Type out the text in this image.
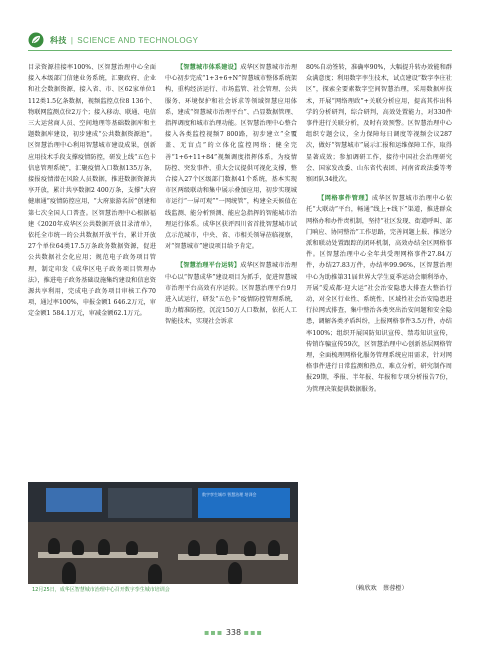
科技 | SCIENCE AND TECHNOLOGY

目录资源挂接率100%、区智慧治理中心全面接入本级部门信建业务系统，汇聚政府、企业和社会数据资源，接入省、市、区62家单位1 112类1.5亿条数据，视频监控点位8 136个、物联网监测点位2万个；接入移动、联通、电信三大运营商人员、空间地理等基础数据库和主题数据库建设，初步建成“公共数据资源池”。区智慧治理中心利用智慧城市建设成果，创新应用技术手段支撑疫情防控，研发上线“五色卡信息管理系统”，汇聚疫情入口数据135万条，接报疫情潜在风险人员数据，推进数据资源共享开放，累计共享数据2 400万条，支撑“大府健康通”疫情防控应用，“大府旅游名居”创建和第七次全国人口普查。区智慧治理中心根据福建《2020年成华区公共数据开放目录清单》，依托全市统一的公共数据开放平台，累计开放27个单位64类17.5万条政务数据资源，促进公共数据社会化应用；规范电子政务项目管理，制定印发《成华区电子政务项目管理办法》，推进电子政务基础设施集约建设和信息资源共享利用，完成电子政务项目审核工作70项，通过率100%，申报金额1 646.2万元，审定金额1 584.1万元，审减金额62.1万元。

【智慧城市体系建设】成华区智慧城市治理中心初步完成“1+3+6+N”智慧城市整体系统架构，重构经济运行、市场监管、社会管理、公共服务、环境保护和社会诉求等领域智慧应用体系，建成“智慧城市治理平台”、凸显数据管理、指挥调度和城市治理功能。区智慧治理中心整合接入各类监控视频7 800路，初步建立“全覆盖、无盲点”的立体化监控网络；健全完善“1+6+11+84”视频调度指挥体系，为疫情防控、突发事件、重大会议提供可视化支撑，整合接入27个区级部门数据41个系统，基本实现市区两级联动和集中展示叠加应用，初步实现城市运行“一屏可观”“一网统管”，构建全天候值在线监测、能分析预测、能应急指挥的智能城市治理运行体系。成华区获评四川省首批智慧城市试点示范城市，中央、省、市相关领导莅临视察，对“智慧城市”建设项目给予肯定。

【智慧治理平台运转】成华区智慧城市治理中心以“智慧成华”建设项目为抓手，促进智慧城市治理平台高效有序运转。区智慧治理平台9月进入试运行，研发“五色卡”疫情防控管理系统，助力精准防控，沉淀150万人口数据，依托人工智能技术，实现社会诉求

80%自动签转，准确率90%，大幅提升转办效能和群众满意度；利用数字孪生技术，试点建设“数字李庄社区”，探索全要素数字空间智慧治理，采用数据库技术，开展“网络理政”+关联分析应用，提高其作出科学的分析研判，综合研判，高效处置能力，对330件事件进行关联分析，及时有效预警。区智慧治理中心组织专题会议，全力保障每日调度等视频会议287次，做好“智慧城市”展示汇报和运维保障工作，取得显著成效；参加调研工作，接待中国社会治理研究会、国家发改委、山东省代表团、河南省政法委等考察团队34批次。

【网格事件管理】成华区智慧城市治理中心依托“大联动”平台，畅通“线上+线下”渠道，推进群众网格办和办件责机制，坚持“社区发现、街道呼叫、部门响应、协同整治”工作思路，完善问题上报、推送分派和联动处置跟踪的闭环机制，高效办结全区网格事件。区智慧治理中心全年共受理网格事件27.84万件，办结27.83万件，办结率99.96%，区智慧治理中心为助推第31届世界大学生夏季运动会顺利举办，开展“爱成都·迎大运”社会治安隐患大排查大整治行动，对全区行业性、系统性、区域性社会治安隐患进行拉网式排查，集中整治各类突出治安问题和安全隐患，调解各类矛盾纠纷，上报网格事件3.5万件，办结率100%；组织开展国防知识宣传、禁毒知识宣传，传销诈骗宣传59次，区智慧治理中心创新基层网格管理，全面梳理网格化服务管理系统应用需求，针对网格事件进行日常监测和热点、难点分析，研究制作周报29期，季报、半年报、年报和专项分析报告7份，为管理决策提供数据服务。

数字孪生城市 智慧治理 培训会
12月25日，成华区智慧城市治理中心召开数字孪生城市培训会	（赖欣欢　蔡蓉橙）
▪▪▪ 338 ▪▪▪
